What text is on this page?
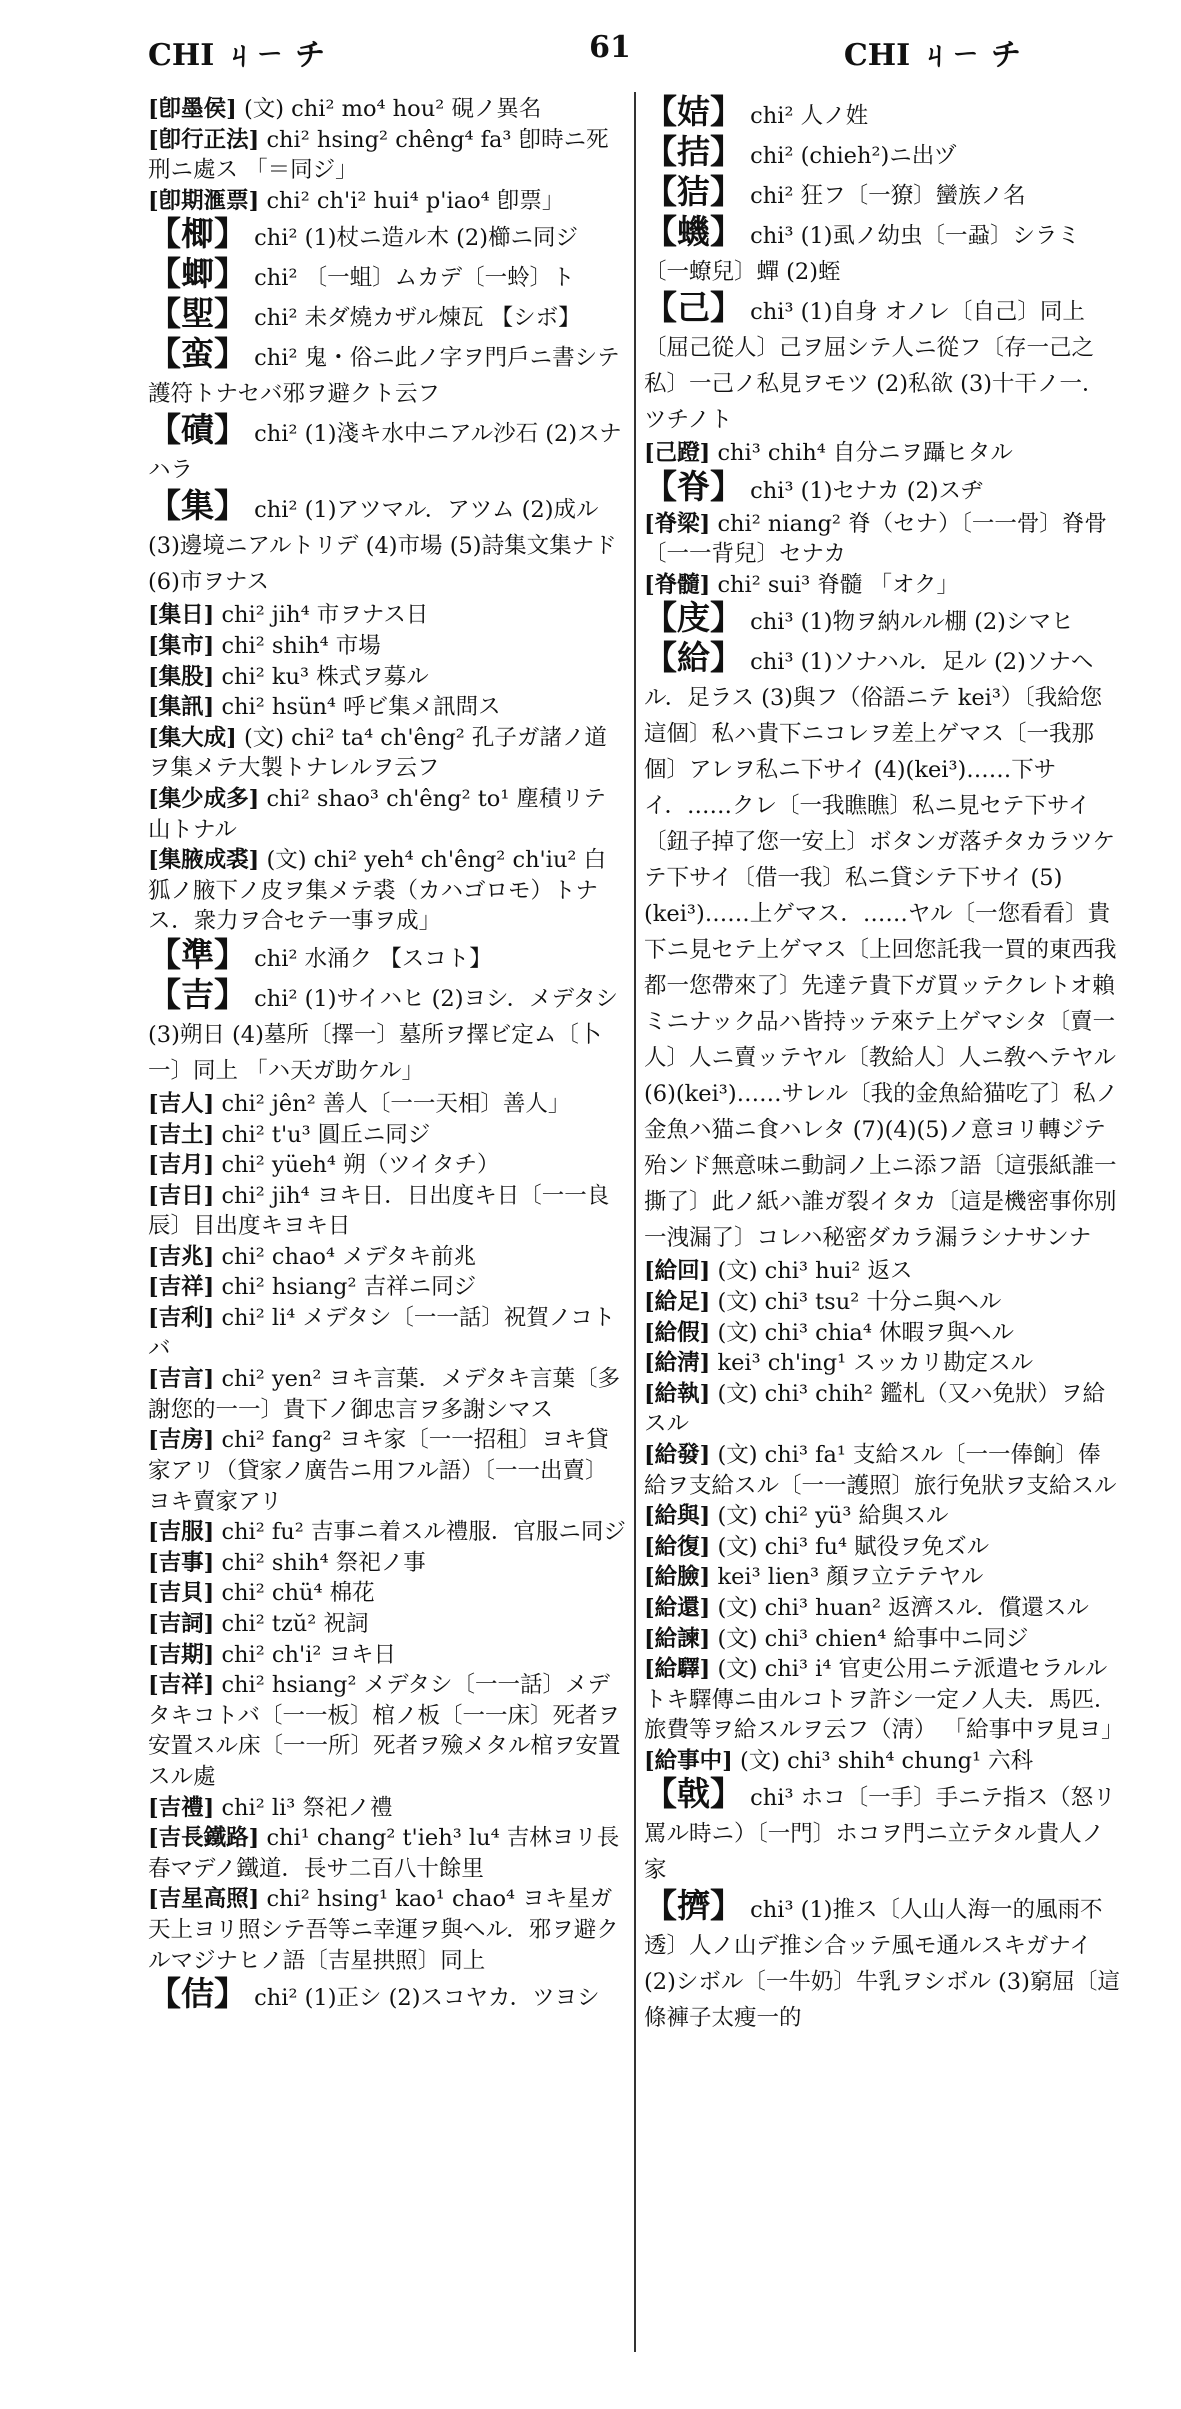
CHI ㄐㄧ チ	61	CHI ㄐㄧ チ
[卽墨侯] (文) chi² mo⁴ hou² 硯ノ異名
[卽行正法] chi² hsing² chêng⁴ fa³ 卽時ニ死刑ニ處ス 「＝同ジ」
[卽期滙票] chi² ch'i² hui⁴ p'iao⁴ 卽票」
【楖】 chi² (1)杖ニ造ル木 (2)櫛ニ同ジ
【蝍】 chi² 〔一蛆〕ムカデ〔一蛉〕ト
【堲】 chi² 未ダ燒カザル煉瓦 【シボ】
【蛮】 chi² 鬼・俗ニ此ノ字ヲ門戶ニ書シテ護符トナセバ邪ヲ避クト云フ
【磧】 chi² (1)淺キ水中ニアル沙石 (2)スナハラ
【集】 chi² (1)アツマル．アツム (2)成ル (3)邊境ニアルトリデ (4)市場 (5)詩集文集ナド (6)市ヲナス
[集日] chi² jih⁴ 市ヲナス日
[集市] chi² shih⁴ 市場
[集股] chi² ku³ 株式ヲ募ル
[集訊] chi² hsün⁴ 呼ビ集メ訊問ス
[集大成] (文) chi² ta⁴ ch'êng² 孔子ガ諸ノ道ヲ集メテ大製トナレルヲ云フ
[集少成多] chi² shao³ ch'êng² to¹ 塵積リテ山トナル
[集腋成裘] (文) chi² yeh⁴ ch'êng² ch'iu² 白狐ノ腋下ノ皮ヲ集メテ裘（カハゴロモ）トナス．衆力ヲ合セテ一事ヲ成」
【準】 chi² 水涌ク 【スコト】
【吉】 chi² (1)サイハヒ (2)ヨシ．メデタシ (3)朔日 (4)墓所〔擇一〕墓所ヲ擇ビ定ム〔卜一〕同上 「ハ天ガ助ケル」
[吉人] chi² jên² 善人〔一一天相〕善人」
[吉土] chi² t'u³ 圓丘ニ同ジ
[吉月] chi² yüeh⁴ 朔（ツイタチ）
[吉日] chi² jih⁴ ヨキ日．日出度キ日〔一一良辰〕目出度キヨキ日
[吉兆] chi² chao⁴ メデタキ前兆
[吉祥] chi² hsiang² 吉祥ニ同ジ
[吉利] chi² li⁴ メデタシ〔一一話〕祝賀ノコトバ
[吉言] chi² yen² ヨキ言葉．メデタキ言葉〔多謝您的一一〕貴下ノ御忠言ヲ多謝シマス
[吉房] chi² fang² ヨキ家〔一一招租〕ヨキ貸家アリ（貸家ノ廣告ニ用フル語）〔一一出賣〕ヨキ賣家アリ
[吉服] chi² fu² 吉事ニ着スル禮服．官服ニ同ジ
[吉事] chi² shih⁴ 祭祀ノ事
[吉貝] chi² chü⁴ 棉花
[吉詞] chi² tzŭ² 祝詞
[吉期] chi² ch'i² ヨキ日
[吉祥] chi² hsiang² メデタシ〔一一話〕メデタキコトバ〔一一板〕棺ノ板〔一一床〕死者ヲ安置スル床〔一一所〕死者ヲ殮メタル棺ヲ安置スル處
[吉禮] chi² li³ 祭祀ノ禮
[吉長鐵路] chi¹ chang² t'ieh³ lu⁴ 吉林ヨリ長春マデノ鐵道．長サ二百八十餘里
[吉星高照] chi² hsing¹ kao¹ chao⁴ ヨキ星ガ天上ヨリ照シテ吾等ニ幸運ヲ與ヘル．邪ヲ避クルマジナヒノ語〔吉星拱照〕同上
【佶】 chi² (1)正シ (2)スコヤカ．ツヨシ
【姞】 chi² 人ノ姓
【拮】 chi² (chieh²)ニ出ヅ
【狤】 chi² 狂フ〔一獠〕蠻族ノ名
【蟣】 chi³ (1)虱ノ幼虫〔一蝨〕シラミ〔一蟟兒〕蟬 (2)蛭
【己】 chi³ (1)自身 オノレ〔自己〕同上〔屈己從人〕己ヲ屈シテ人ニ從フ〔存一己之私〕一己ノ私見ヲモツ (2)私欲 (3)十干ノ一．ツチノト
[己蹬] chi³ chih⁴ 自分ニヲ躡ヒタル
【脊】 chi³ (1)セナカ (2)スヂ
[脊梁] chi² niang² 脊（セナ）〔一一骨〕脊骨〔一一背兒〕セナカ
[脊髓] chi² sui³ 脊髓 「オク」
【庋】 chi³ (1)物ヲ納ルル棚 (2)シマヒ
【給】 chi³ (1)ソナハル．足ル (2)ソナヘル．足ラス (3)與フ（俗語ニテ kei³）〔我給您這個〕私ハ貴下ニコレヲ差上ゲマス〔一我那個〕アレヲ私ニ下サイ (4)(kei³)……下サイ．……クレ〔一我瞧瞧〕私ニ見セテ下サイ〔鈕子掉了您一安上〕ボタンガ落チタカラツケテ下サイ〔借一我〕私ニ貸シテ下サイ (5)(kei³)……上ゲマス．……ヤル〔一您看看〕貴下ニ見セテ上ゲマス〔上回您託我一買的東西我都一您帶來了〕先達テ貴下ガ買ッテクレトオ賴ミニナック品ハ皆持ッテ來テ上ゲマシタ〔賣一人〕人ニ賣ッテヤル〔教給人〕人ニ敎ヘテヤル (6)(kei³)……サレル〔我的金魚給猫吃了〕私ノ金魚ハ猫ニ食ハレタ (7)(4)(5)ノ意ヨリ轉ジテ殆ンド無意味ニ動詞ノ上ニ添フ語〔這張紙誰一撕了〕此ノ紙ハ誰ガ裂イタカ〔這是機密事你別一洩漏了〕コレハ秘密ダカラ漏ラシナサンナ
[給回] (文) chi³ hui² 返ス
[給足] (文) chi³ tsu² 十分ニ與ヘル
[給假] (文) chi³ chia⁴ 休暇ヲ與ヘル
[給淸] kei³ ch'ing¹ スッカリ勘定スル
[給執] (文) chi³ chih² 鑑札（又ハ免狀）ヲ給スル
[給發] (文) chi³ fa¹ 支給スル〔一一俸餉〕俸給ヲ支給スル〔一一護照〕旅行免狀ヲ支給スル
[給與] (文) chi² yü³ 給與スル
[給復] (文) chi³ fu⁴ 賦役ヲ免ズル
[給臉] kei³ lien³ 顏ヲ立テテヤル
[給還] (文) chi³ huan² 返濟スル．償還スル
[給諫] (文) chi³ chien⁴ 給事中ニ同ジ
[給驛] (文) chi³ i⁴ 官吏公用ニテ派遣セラルルトキ驛傳ニ由ルコトヲ許シ一定ノ人夫．馬匹．旅費等ヲ給スルヲ云フ（淸） 「給事中ヲ見ヨ」
[給事中] (文) chi³ shih⁴ chung¹ 六科
【戟】 chi³ ホコ〔一手〕手ニテ指ス（怒リ罵ル時ニ）〔一門〕ホコヲ門ニ立テタル貴人ノ家
【擠】 chi³ (1)推ス〔人山人海一的風雨不透〕人ノ山デ推シ合ッテ風モ通ルスキガナイ (2)シボル〔一牛奶〕牛乳ヲシボル (3)窮屈〔這條褲子太瘦一的
